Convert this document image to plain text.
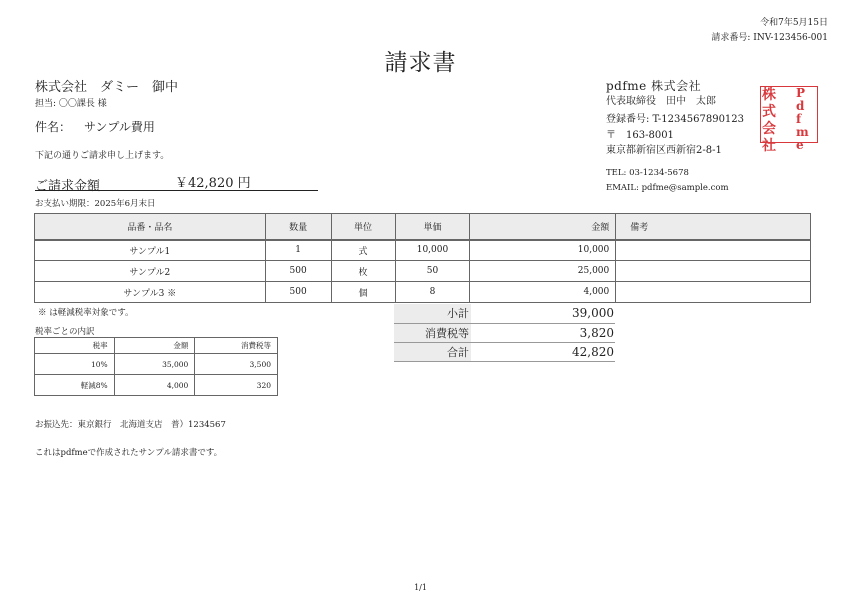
令和7年5月15日
請求番号: INV-123456-001
請求書
株式会社　ダミー　御中
担当: 〇〇課長 様
件名： サンプル費用
下記の通りご請求申し上げます。
ご請求金額	￥42,820 円
お支払い期限：2025年6月末日
pdfme 株式会社
代表取締役　田中　太郎
登録番号: T-1234567890123
〒　163-8001
東京都新宿区西新宿2-8-1
TEL: 03-1234-5678
EMAIL: pdfme@sample.com
株
式
会
社
P
d
f
m
e
品番・品名	数量	単位	単価	金額	備考
サンプル1	1	式	10,000	10,000	
サンプル2	500	枚	50	25,000	
サンプル3 ※	500	個	8	4,000	
※ は軽減税率対象です。	小計	39,000
消費税等	3,820
合計	42,820
税率ごとの内訳
税率	金額	消費税等
10%	35,000	3,500
軽減8%	4,000	320
お振込先：東京銀行　北海道支店　普）1234567
これはpdfmeで作成されたサンプル請求書です。
1/1
